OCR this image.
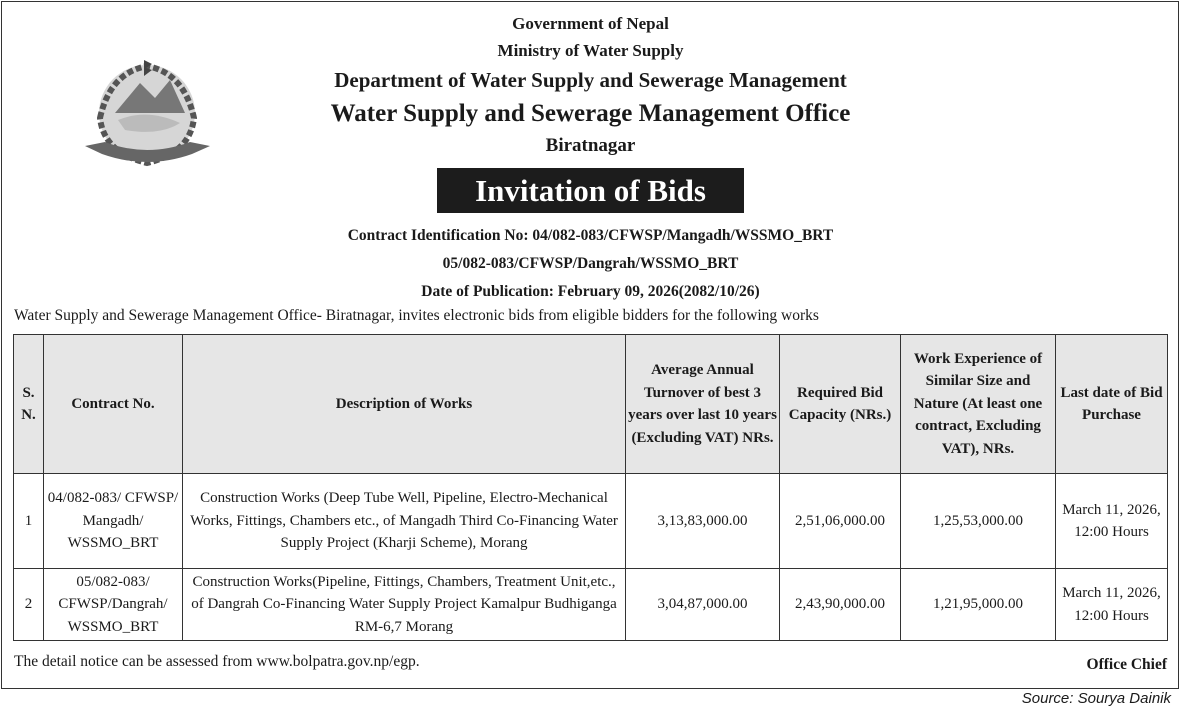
Government of Nepal
Ministry of Water Supply
Department of Water Supply and Sewerage Management
Water Supply and Sewerage Management Office
Biratnagar
Invitation of Bids
Contract Identification No: 04/082-083/CFWSP/Mangadh/WSSMO_BRT
05/082-083/CFWSP/Dangrah/WSSMO_BRT
Date of Publication: February 09, 2026(2082/10/26)
Water Supply and Sewerage Management Office- Biratnagar, invites electronic bids from eligible bidders for the following works
S. N.	Contract No.	Description of Works	Average Annual Turnover of best 3 years over last 10 years (Excluding VAT) NRs.	Required Bid Capacity (NRs.)	Work Experience of Similar Size and Nature (At least one contract, Excluding VAT), NRs.	Last date of Bid Purchase
1	04/082-083/ CFWSP/ Mangadh/ WSSMO_BRT	Construction Works (Deep Tube Well, Pipeline, Electro-Mechanical Works, Fittings, Chambers etc., of Mangadh Third Co-Financing Water Supply Project (Kharji Scheme), Morang	3,13,83,000.00	2,51,06,000.00	1,25,53,000.00	March 11, 2026, 12:00 Hours
2	05/082-083/ CFWSP/Dangrah/ WSSMO_BRT	Construction Works(Pipeline, Fittings, Chambers, Treatment Unit,etc., of Dangrah Co-Financing Water Supply Project Kamalpur Budhiganga RM-6,7 Morang	3,04,87,000.00	2,43,90,000.00	1,21,95,000.00	March 11, 2026, 12:00 Hours
The detail notice can be assessed from www.bolpatra.gov.np/egp.	Office Chief
Source: Sourya Dainik
